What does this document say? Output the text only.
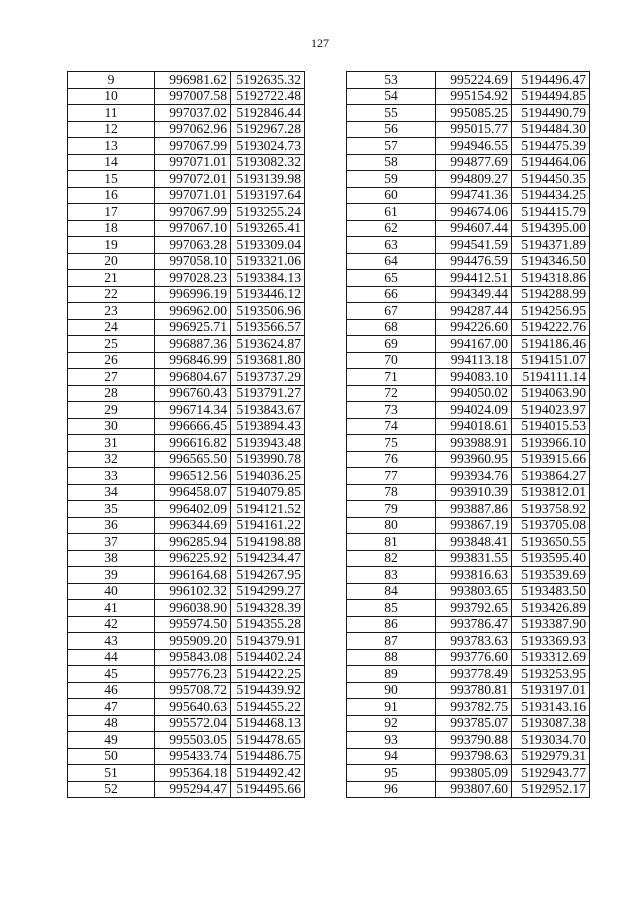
127
9	996981.62	5192635.32
10	997007.58	5192722.48
11	997037.02	5192846.44
12	997062.96	5192967.28
13	997067.99	5193024.73
14	997071.01	5193082.32
15	997072.01	5193139.98
16	997071.01	5193197.64
17	997067.99	5193255.24
18	997067.10	5193265.41
19	997063.28	5193309.04
20	997058.10	5193321.06
21	997028.23	5193384.13
22	996996.19	5193446.12
23	996962.00	5193506.96
24	996925.71	5193566.57
25	996887.36	5193624.87
26	996846.99	5193681.80
27	996804.67	5193737.29
28	996760.43	5193791.27
29	996714.34	5193843.67
30	996666.45	5193894.43
31	996616.82	5193943.48
32	996565.50	5193990.78
33	996512.56	5194036.25
34	996458.07	5194079.85
35	996402.09	5194121.52
36	996344.69	5194161.22
37	996285.94	5194198.88
38	996225.92	5194234.47
39	996164.68	5194267.95
40	996102.32	5194299.27
41	996038.90	5194328.39
42	995974.50	5194355.28
43	995909.20	5194379.91
44	995843.08	5194402.24
45	995776.23	5194422.25
46	995708.72	5194439.92
47	995640.63	5194455.22
48	995572.04	5194468.13
49	995503.05	5194478.65
50	995433.74	5194486.75
51	995364.18	5194492.42
52	995294.47	5194495.66
53	995224.69	5194496.47
54	995154.92	5194494.85
55	995085.25	5194490.79
56	995015.77	5194484.30
57	994946.55	5194475.39
58	994877.69	5194464.06
59	994809.27	5194450.35
60	994741.36	5194434.25
61	994674.06	5194415.79
62	994607.44	5194395.00
63	994541.59	5194371.89
64	994476.59	5194346.50
65	994412.51	5194318.86
66	994349.44	5194288.99
67	994287.44	5194256.95
68	994226.60	5194222.76
69	994167.00	5194186.46
70	994113.18	5194151.07
71	994083.10	5194111.14
72	994050.02	5194063.90
73	994024.09	5194023.97
74	994018.61	5194015.53
75	993988.91	5193966.10
76	993960.95	5193915.66
77	993934.76	5193864.27
78	993910.39	5193812.01
79	993887.86	5193758.92
80	993867.19	5193705.08
81	993848.41	5193650.55
82	993831.55	5193595.40
83	993816.63	5193539.69
84	993803.65	5193483.50
85	993792.65	5193426.89
86	993786.47	5193387.90
87	993783.63	5193369.93
88	993776.60	5193312.69
89	993778.49	5193253.95
90	993780.81	5193197.01
91	993782.75	5193143.16
92	993785.07	5193087.38
93	993790.88	5193034.70
94	993798.63	5192979.31
95	993805.09	5192943.77
96	993807.60	5192952.17
